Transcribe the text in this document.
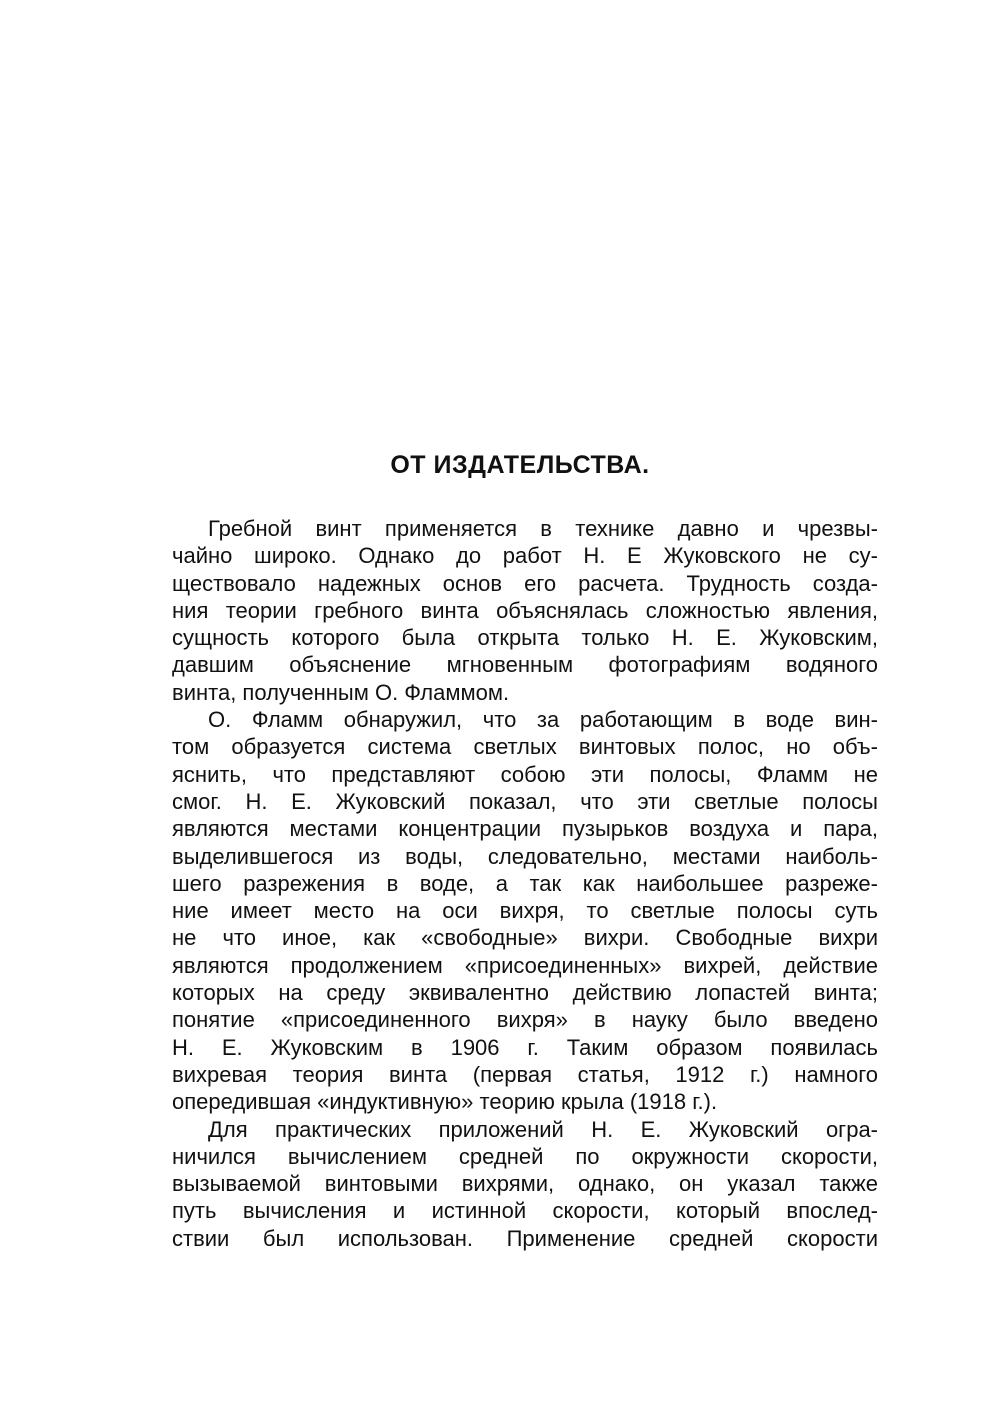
ОТ ИЗДАТЕЛЬСТВА.
Гребной винт применяется в технике давно и чрезвы-
чайно широко. Однако до работ Н. Е Жуковского не су-
ществовало надежных основ его расчета. Трудность созда-
ния теории гребного винта объяснялась сложностью явления,
сущность которого была открыта только Н. Е. Жуковским,
давшим объяснение мгновенным фотографиям водяного
винта, полученным О. Фламмом.
О. Фламм обнаружил, что за работающим в воде вин-
том образуется система светлых винтовых полос, но объ-
яснить, что представляют собою эти полосы, Фламм не
смог. Н. Е. Жуковский показал, что эти светлые полосы
являются местами концентрации пузырьков воздуха и пара,
выделившегося из воды, следовательно, местами наиболь-
шего разрежения в воде, а так как наибольшее разреже-
ние имеет место на оси вихря, то светлые полосы суть
не что иное, как «свободные» вихри. Свободные вихри
являются продолжением «присоединенных» вихрей, действие
которых на среду эквивалентно действию лопастей винта;
понятие «присоединенного вихря» в науку было введено
Н. Е. Жуковским в 1906 г. Таким образом появилась
вихревая теория винта (первая статья, 1912 г.) намного
опередившая «индуктивную» теорию крыла (1918 г.).
Для практических приложений Н. Е. Жуковский огра-
ничился вычислением средней по окружности скорости,
вызываемой винтовыми вихрями, однако, он указал также
путь вычисления и истинной скорости, который впослед-
ствии был использован. Применение средней скорости
